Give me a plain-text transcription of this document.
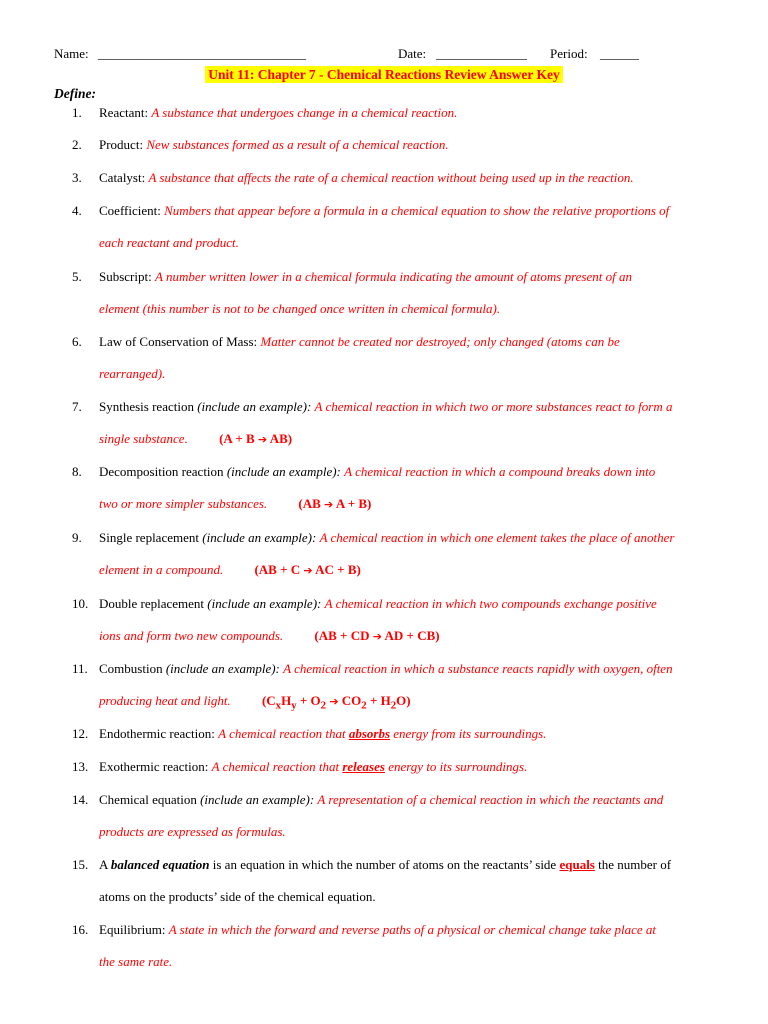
Name: ________________________________	Date: ______________ Period: ______
Unit 11: Chapter 7 - Chemical Reactions Review Answer Key
Define:
1.	Reactant: A substance that undergoes change in a chemical reaction.
2.	Product: New substances formed as a result of a chemical reaction.
3.	Catalyst: A substance that affects the rate of a chemical reaction without being used up in the reaction.
4.	Coefficient: Numbers that appear before a formula in a chemical equation to show the relative proportions of
each reactant and product.
5.	Subscript: A number written lower in a chemical formula indicating the amount of atoms present of an
element (this number is not to be changed once written in chemical formula).
6.	Law of Conservation of Mass: Matter cannot be created nor destroyed; only changed (atoms can be
rearranged).
7.	Synthesis reaction (include an example): A chemical reaction in which two or more substances react to form a
single substance. (A + B ➔ AB)
8.	Decomposition reaction (include an example): A chemical reaction in which a compound breaks down into
two or more simpler substances. (AB ➔ A + B)
9.	Single replacement (include an example): A chemical reaction in which one element takes the place of another
element in a compound. (AB + C ➔ AC + B)
10. Double replacement (include an example): A chemical reaction in which two compounds exchange positive
ions and form two new compounds. (AB + CD ➔ AD + CB)
11. Combustion (include an example): A chemical reaction in which a substance reacts rapidly with oxygen, often
producing heat and light. ($C_xH_y + O_2$ ➔ $CO_2 + H_2O$)
12. Endothermic reaction: A chemical reaction that absorbs energy from its surroundings.
13. Exothermic reaction: A chemical reaction that releases energy to its surroundings.
14. Chemical equation (include an example): A representation of a chemical reaction in which the reactants and
products are expressed as formulas.
15. A balanced equation is an equation in which the number of atoms on the reactants’ side equals the number of
atoms on the products’ side of the chemical equation.
16. Equilibrium: A state in which the forward and reverse paths of a physical or chemical change take place at
the same rate.
